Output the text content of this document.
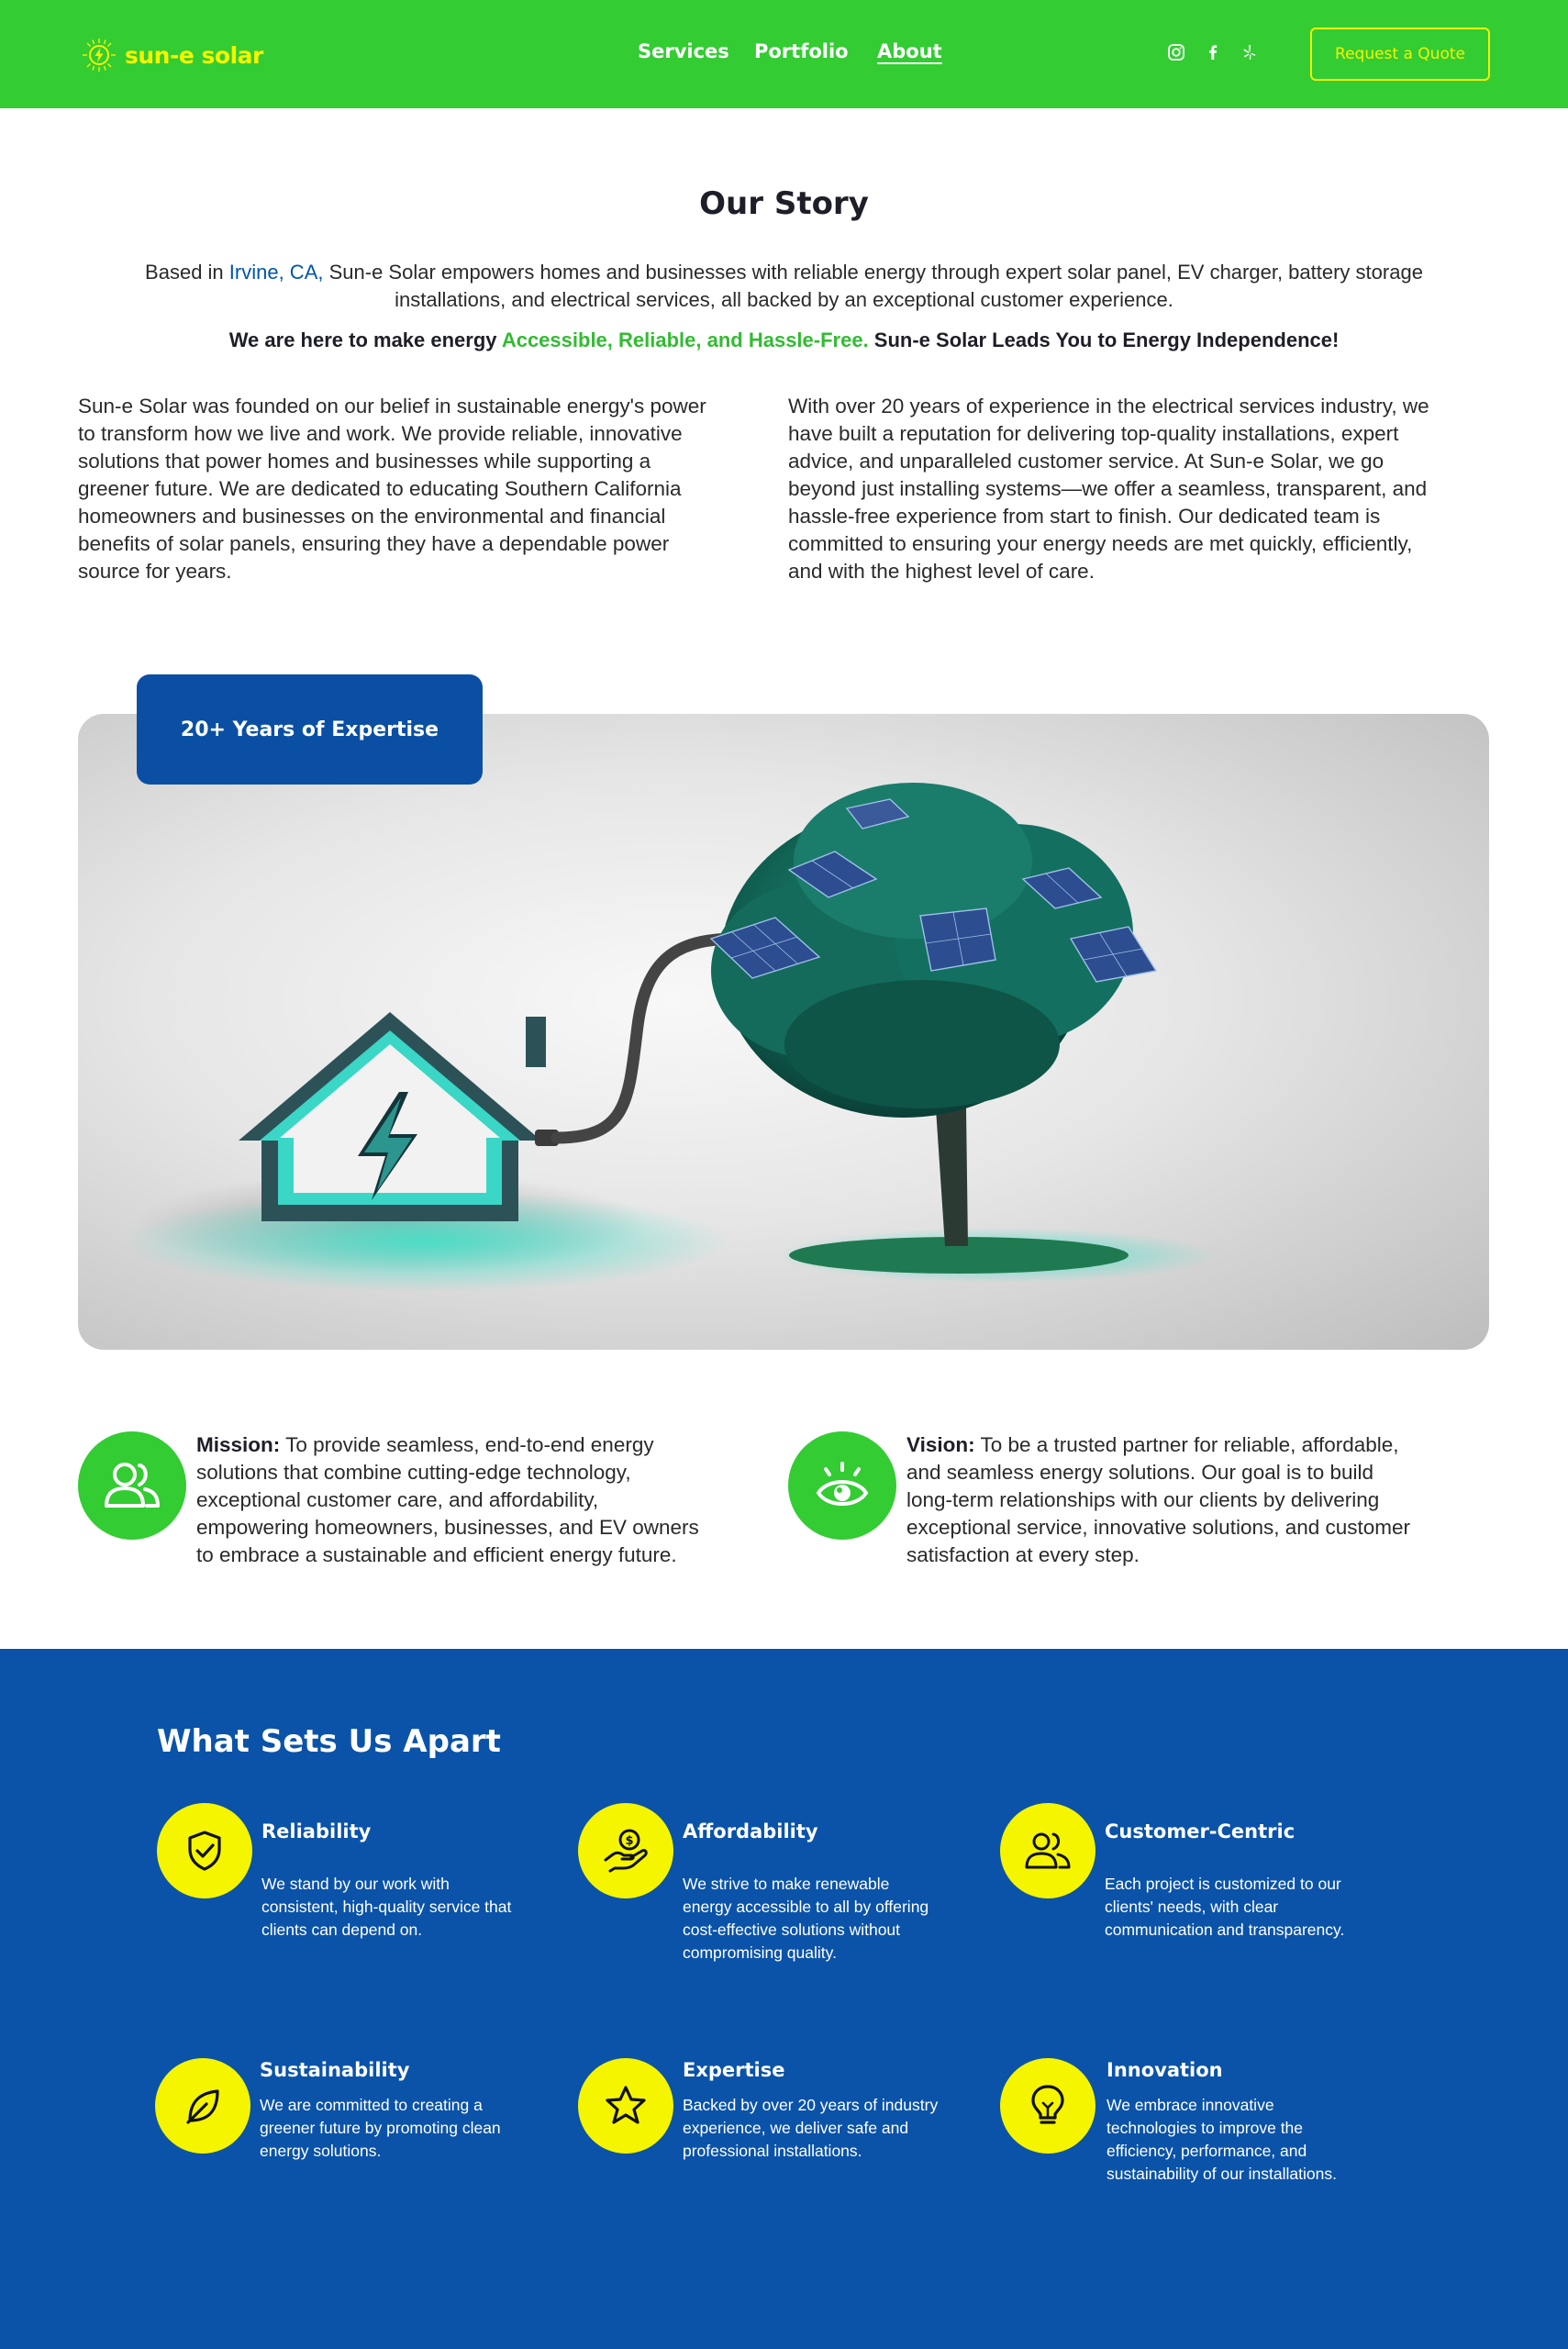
sun-e solar	Services Portfolio About	Request a Quote
Our Story
Based in Irvine, CA, Sun-e Solar empowers homes and businesses with reliable energy through expert solar panel, EV charger, battery storage installations, and electrical services, all backed by an exceptional customer experience.
We are here to make energy Accessible, Reliable, and Hassle-Free. Sun-e Solar Leads You to Energy Independence!
Sun-e Solar was founded on our belief in sustainable energy's power to transform how we live and work. We provide reliable, innovative solutions that power homes and businesses while supporting a greener future. We are dedicated to educating Southern California homeowners and businesses on the environmental and financial benefits of solar panels, ensuring they have a dependable power source for years.
With over 20 years of experience in the electrical services industry, we have built a reputation for delivering top-quality installations, expert advice, and unparalleled customer service. At Sun-e Solar, we go beyond just installing systems—we offer a seamless, transparent, and hassle-free experience from start to finish. Our dedicated team is committed to ensuring your energy needs are met quickly, efficiently, and with the highest level of care.
20+ Years of Expertise
Mission: To provide seamless, end-to-end energy solutions that combine cutting-edge technology, exceptional customer care, and affordability, empowering homeowners, businesses, and EV owners to embrace a sustainable and efficient energy future.
Vision: To be a trusted partner for reliable, affordable, and seamless energy solutions. Our goal is to build long-term relationships with our clients by delivering exceptional service, innovative solutions, and customer satisfaction at every step.
What Sets Us Apart
Reliability
We stand by our work with consistent, high-quality service that clients can depend on.
$	Affordability
We strive to make renewable energy accessible to all by offering cost-effective solutions without compromising quality.
Customer-Centric
Each project is customized to our clients' needs, with clear communication and transparency.
Sustainability
We are committed to creating a greener future by promoting clean energy solutions.
Expertise
Backed by over 20 years of industry experience, we deliver safe and professional installations.
Innovation
We embrace innovative technologies to improve the efficiency, performance, and sustainability of our installations.
